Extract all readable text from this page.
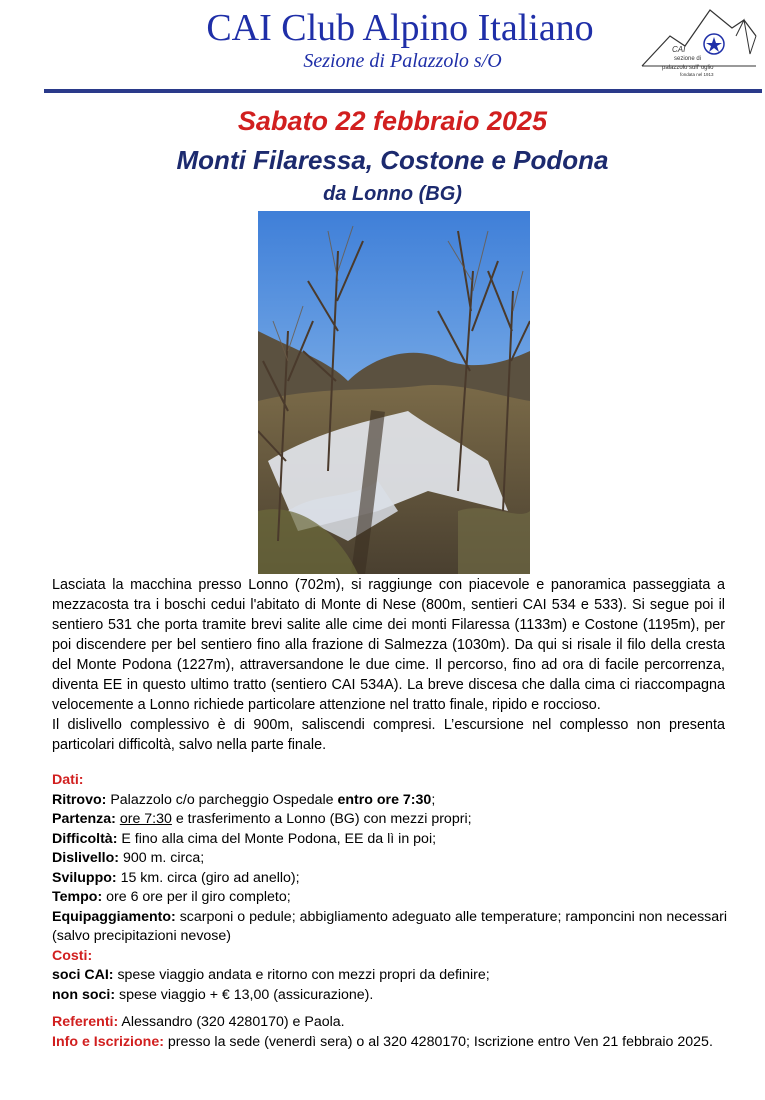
CAI Club Alpino Italiano
Sezione di Palazzolo s/O
CAI
sezione di
palazzolo sull' oglio
fondata nel 1913
Sabato 22 febbraio 2025
Monti Filaressa, Costone e Podona
da Lonno (BG)

Lasciata la macchina presso Lonno (702m), si raggiunge con piacevole e panoramica passeggiata a mezzacosta tra i boschi cedui l'abitato di Monte di Nese (800m, sentieri CAI 534 e 533). Si segue poi il sentiero 531 che porta tramite brevi salite alle cime dei monti Filaressa (1133m) e Costone (1195m), per poi discendere per bel sentiero fino alla frazione di Salmezza (1030m). Da qui si risale il filo della cresta del Monte Podona (1227m), attraversandone le due cime. Il percorso, fino ad ora di facile percorrenza, diventa EE in questo ultimo tratto (sentiero CAI 534A). La breve discesa che dalla cima ci riaccompagna velocemente a Lonno richiede particolare attenzione nel tratto finale, ripido e roccioso.

Il dislivello complessivo è di 900m, saliscendi compresi. L’escursione nel complesso non presenta particolari difficoltà, salvo nella parte finale.

Dati:
Ritrovo: Palazzolo c/o parcheggio Ospedale entro ore 7:30;
Partenza: ore 7:30 e trasferimento a Lonno (BG) con mezzi propri;
Difficoltà: E fino alla cima del Monte Podona, EE da lì in poi;
Dislivello: 900 m. circa;
Sviluppo: 15 km. circa (giro ad anello);
Tempo: ore 6 ore per il giro completo;
Equipaggiamento: scarponi o pedule; abbigliamento adeguato alle temperature; ramponcini non necessari (salvo precipitazioni nevose)
Costi:
soci CAI: spese viaggio andata e ritorno con mezzi propri da definire;
non soci: spese viaggio + € 13,00 (assicurazione).
Referenti: Alessandro (320 4280170) e Paola.
Info e Iscrizione: presso la sede (venerdì sera) o al 320 4280170; Iscrizione entro Ven 21 febbraio 2025.
